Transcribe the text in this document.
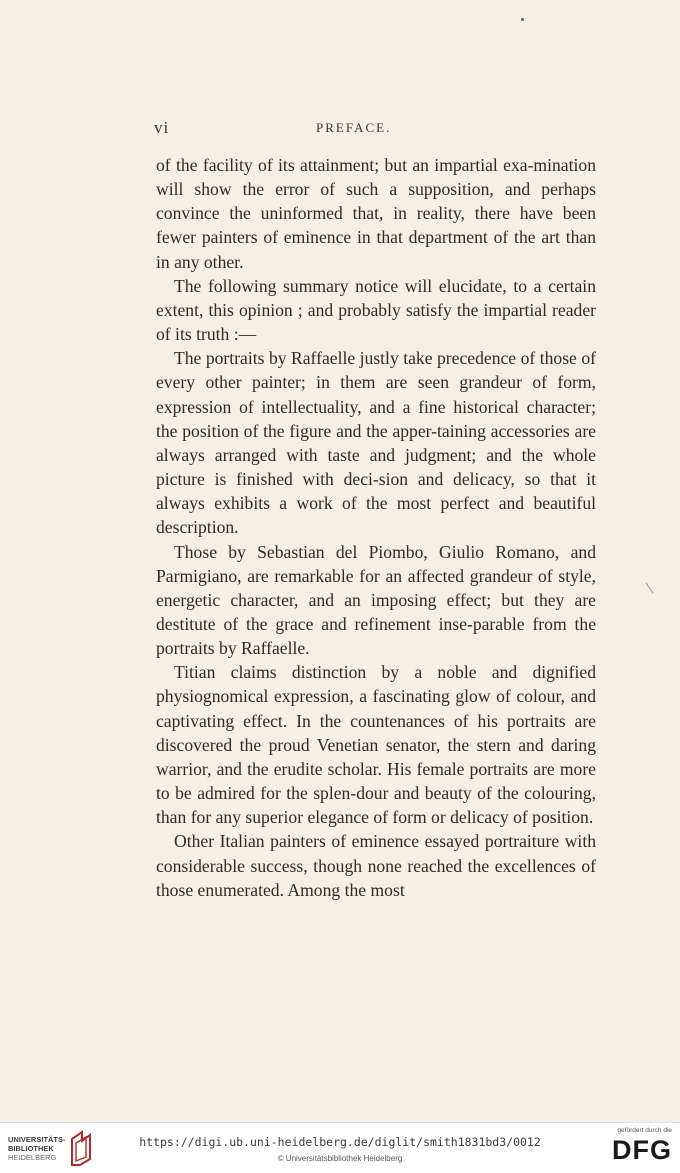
vi	PREFACE.

of the facility of its attainment; but an impartial exa-mination will show the error of such a supposition, and perhaps convince the uninformed that, in reality, there have been fewer painters of eminence in that department of the art than in any other.

The following summary notice will elucidate, to a certain extent, this opinion ; and probably satisfy the impartial reader of its truth :—

The portraits by Raffaelle justly take precedence of those of every other painter; in them are seen grandeur of form, expression of intellectuality, and a fine historical character; the position of the figure and the apper-taining accessories are always arranged with taste and judgment; and the whole picture is finished with deci-sion and delicacy, so that it always exhibits a work of the most perfect and beautiful description.

Those by Sebastian del Piombo, Giulio Romano, and Parmigiano, are remarkable for an affected grandeur of style, energetic character, and an imposing effect; but they are destitute of the grace and refinement inse-parable from the portraits by Raffaelle.

Titian claims distinction by a noble and dignified physiognomical expression, a fascinating glow of colour, and captivating effect. In the countenances of his portraits are discovered the proud Venetian senator, the stern and daring warrior, and the erudite scholar. His female portraits are more to be admired for the splen-dour and beauty of the colouring, than for any superior elegance of form or delicacy of position.

Other Italian painters of eminence essayed portraiture with considerable success, though none reached the excellences of those enumerated. Among the most

UNIVERSITÄTS-
BIBLIOTHEK
HEIDELBERG
https://digi.ub.uni-heidelberg.de/diglit/smith1831bd3/0012
© Universitätsbibliothek Heidelberg
gefördert durch die
DFG
